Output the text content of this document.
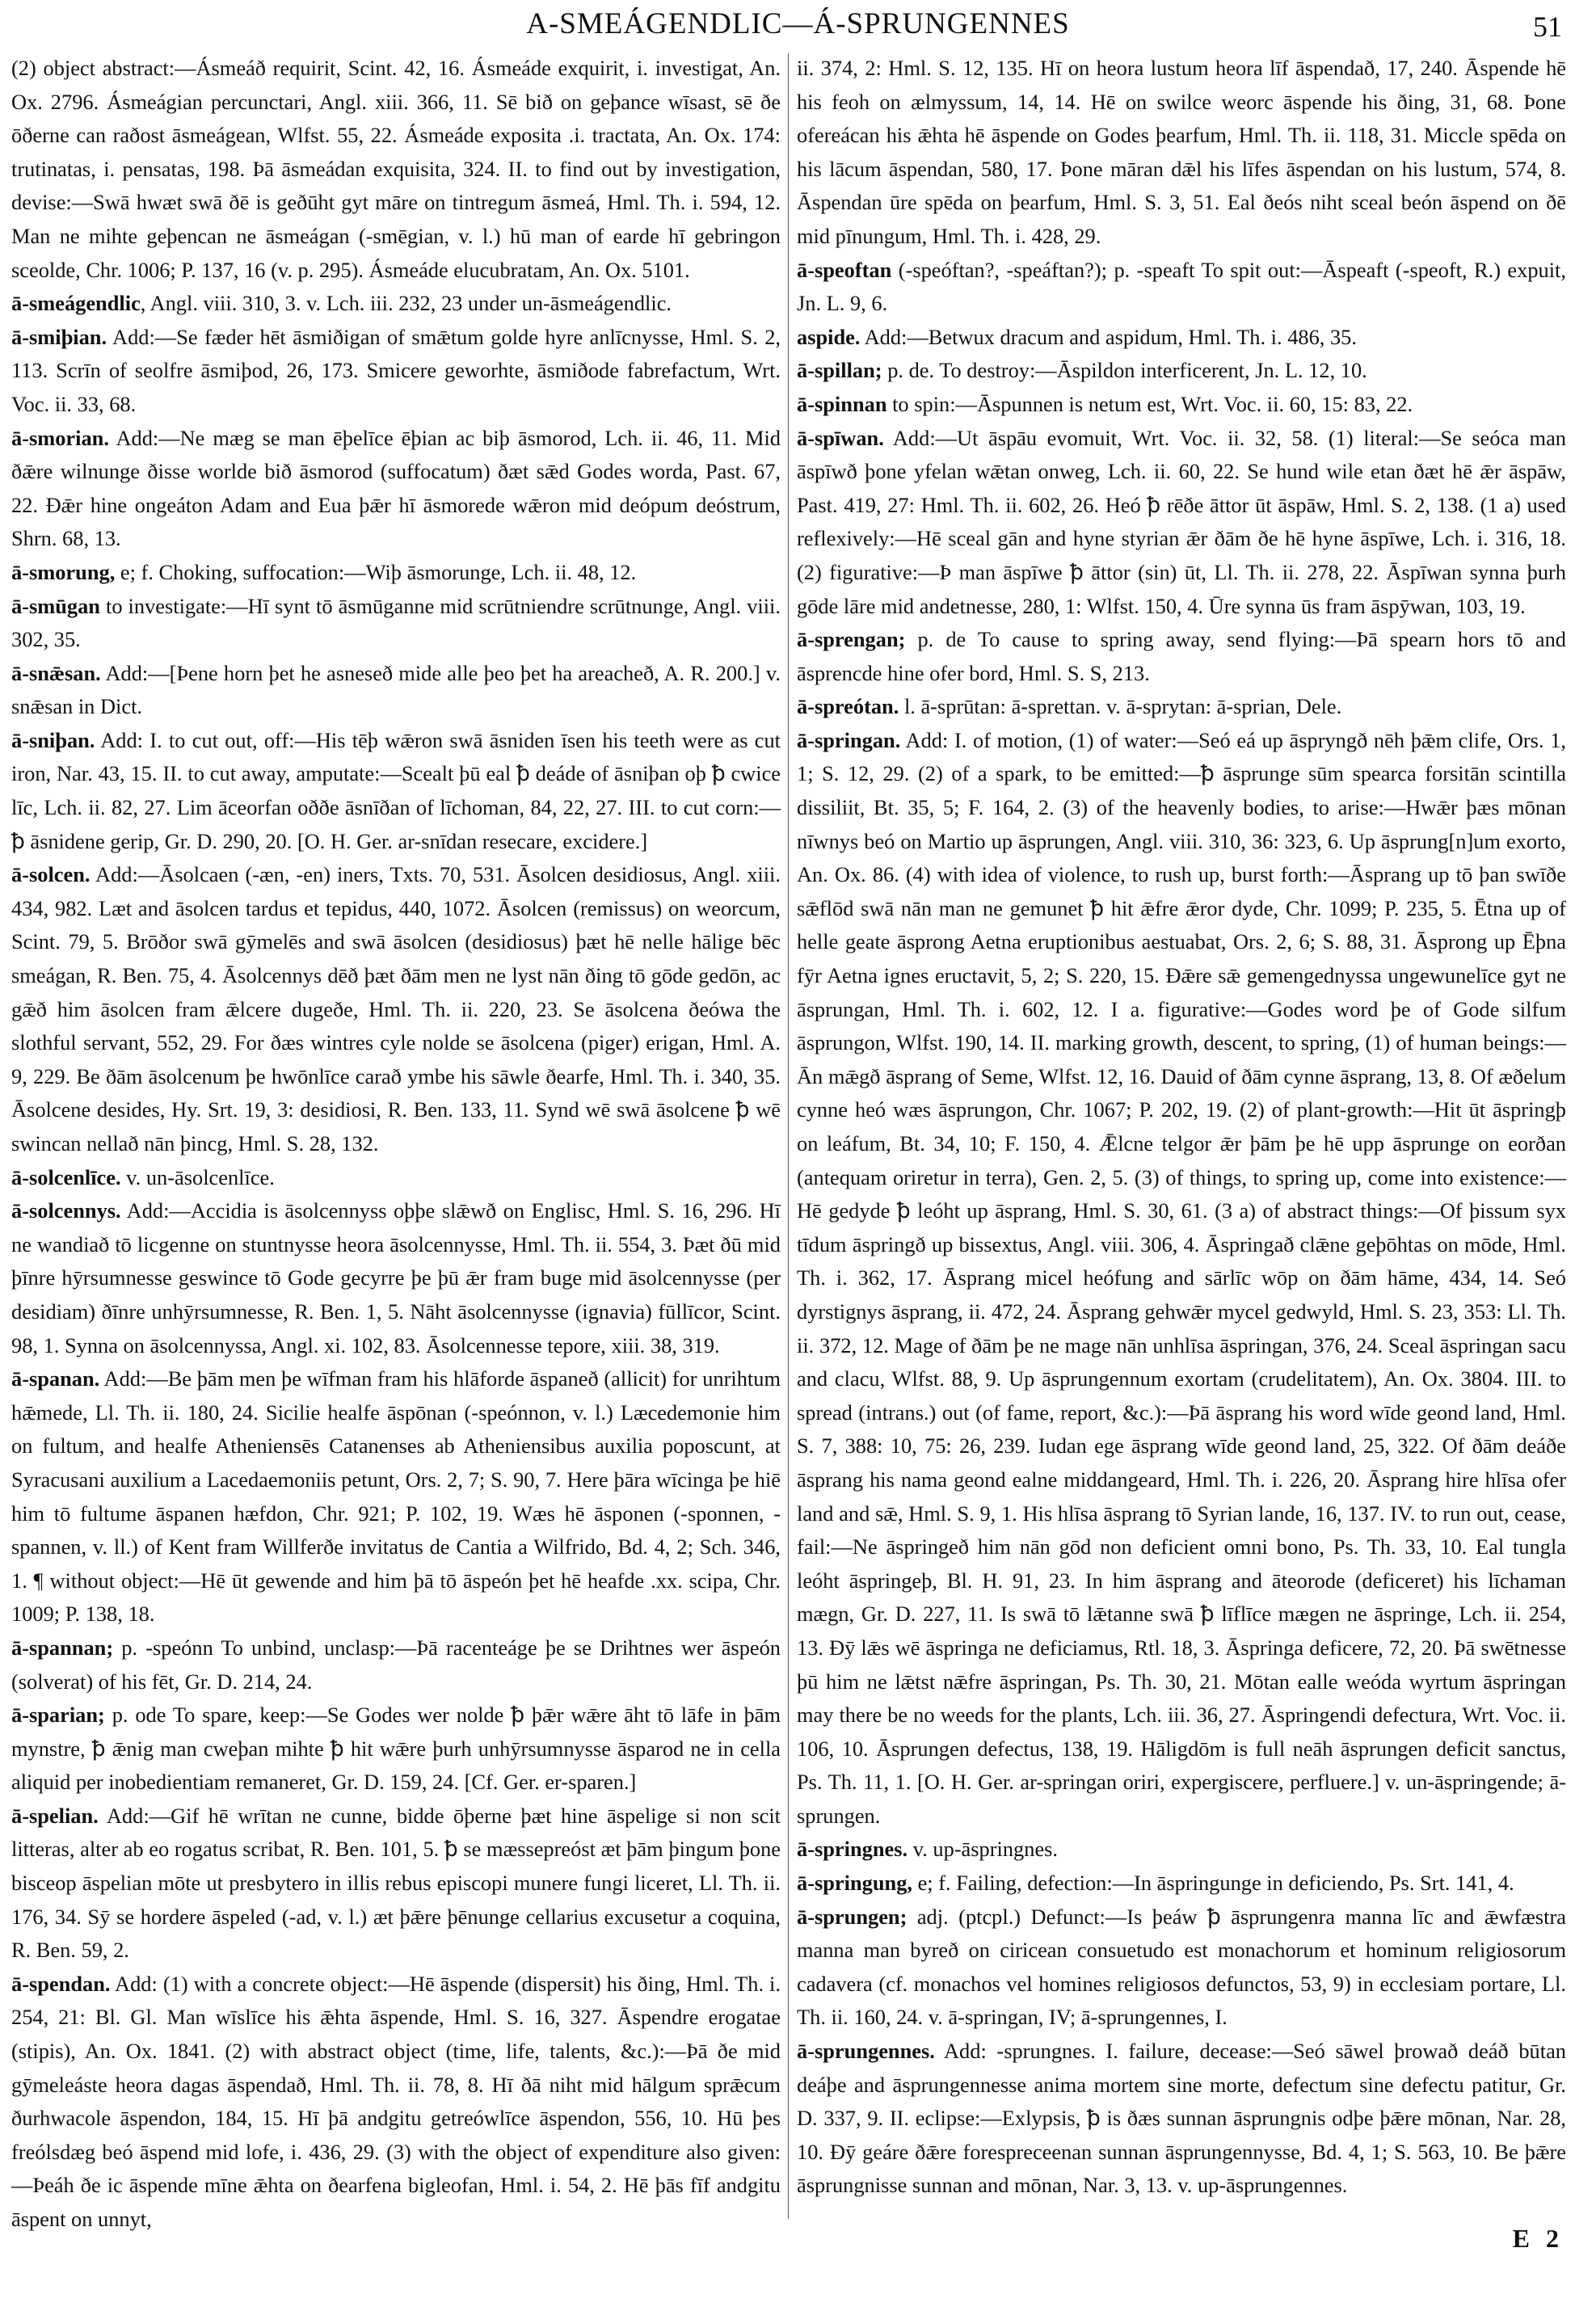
A-SMEÁGENDLIC—Á-SPRUNGENNES	51

(2) object abstract:—Ásmeáð requirit, Scint. 42, 16. Ásmeáde exquirit, i. investigat, An. Ox. 2796. Ásmeágian percunctari, Angl. xiii. 366, 11. Sē bið on geþance wīsast, sē ðe ōðerne can raðost āsmeágean, Wlfst. 55, 22. Ásmeáde exposita .i. tractata, An. Ox. 174: trutinatas, i. pensatas, 198. Þā āsmeádan exquisita, 324. II. to find out by investigation, devise:—Swā hwæt swā ðē is geðūht gyt māre on tintregum āsmeá, Hml. Th. i. 594, 12. Man ne mihte geþencan ne āsmeágan (-smēgian, v. l.) hū man of earde hī gebringon sceolde, Chr. 1006; P. 137, 16 (v. p. 295). Ásmeáde elucubratam, An. Ox. 5101.

ā-smeágendlic, Angl. viii. 310, 3. v. Lch. iii. 232, 23 under un-āsmeágendlic.

ā-smiþian. Add:—Se fæder hēt āsmiðigan of smǣtum golde hyre anlīcnysse, Hml. S. 2, 113. Scrīn of seolfre āsmiþod, 26, 173. Smicere geworhte, āsmiðode fabrefactum, Wrt. Voc. ii. 33, 68.

ā-smorian. Add:—Ne mæg se man ēþelīce ēþian ac biþ āsmorod, Lch. ii. 46, 11. Mid ðǣre wilnunge ðisse worlde bið āsmorod (suffocatum) ðæt sǣd Godes worda, Past. 67, 22. Ðǣr hine ongeáton Adam and Eua þǣr hī āsmorede wǣron mid deópum deóstrum, Shrn. 68, 13.

ā-smorung, e; f. Choking, suffocation:—Wiþ āsmorunge, Lch. ii. 48, 12.

ā-smūgan to investigate:—Hī synt tō āsmūganne mid scrūtniendre scrūtnunge, Angl. viii. 302, 35.

ā-snǣsan. Add:—[Þene horn þet he asneseð mide alle þeo þet ha areacheð, A. R. 200.] v. snǣsan in Dict.

ā-sniþan. Add: I. to cut out, off:—His tēþ wǣron swā āsniden īsen his teeth were as cut iron, Nar. 43, 15. II. to cut away, amputate:—Scealt þū eal ꝥ deáde of āsniþan oþ ꝥ cwice līc, Lch. ii. 82, 27. Lim āceorfan oððe āsnīðan of līchoman, 84, 22, 27. III. to cut corn:—ꝥ āsnidene gerip, Gr. D. 290, 20. [O. H. Ger. ar-snīdan resecare, excidere.]

ā-solcen. Add:—Āsolcaen (-æn, -en) iners, Txts. 70, 531. Āsolcen desidiosus, Angl. xiii. 434, 982. Læt and āsolcen tardus et tepidus, 440, 1072. Āsolcen (remissus) on weorcum, Scint. 79, 5. Brōðor swā gȳmelēs and swā āsolcen (desidiosus) þæt hē nelle hālige bēc smeágan, R. Ben. 75, 4. Āsolcennys dēð þæt ðām men ne lyst nān ðing tō gōde gedōn, ac gǣð him āsolcen fram ǣlcere dugeðe, Hml. Th. ii. 220, 23. Se āsolcena ðeówa the slothful servant, 552, 29. For ðæs wintres cyle nolde se āsolcena (piger) erigan, Hml. A. 9, 229. Be ðām āsolcenum þe hwōnlīce carað ymbe his sāwle ðearfe, Hml. Th. i. 340, 35. Āsolcene desides, Hy. Srt. 19, 3: desidiosi, R. Ben. 133, 11. Synd wē swā āsolcene ꝥ wē swincan nellað nān þincg, Hml. S. 28, 132.

ā-solcenlīce. v. un-āsolcenlīce.

ā-solcennys. Add:—Accidia is āsolcennyss oþþe slǣwð on Englisc, Hml. S. 16, 296. Hī ne wandiað tō licgenne on stuntnysse heora āsolcennysse, Hml. Th. ii. 554, 3. Þæt ðū mid þīnre hȳrsumnesse geswince tō Gode gecyrre þe þū ǣr fram buge mid āsolcennysse (per desidiam) ðīnre unhȳrsumnesse, R. Ben. 1, 5. Nāht āsolcennysse (ignavia) fūllīcor, Scint. 98, 1. Synna on āsolcennyssa, Angl. xi. 102, 83. Āsolcennesse tepore, xiii. 38, 319.

ā-spanan. Add:—Be þām men þe wīfman fram his hlāforde āspaneð (allicit) for unrihtum hǣmede, Ll. Th. ii. 180, 24. Sicilie healfe āspōnan (-speónnon, v. l.) Læcedemonie him on fultum, and healfe Atheniensēs Catanenses ab Atheniensibus auxilia poposcunt, at Syracusani auxilium a Lacedaemoniis petunt, Ors. 2, 7; S. 90, 7. Here þāra wīcinga þe hiē him tō fultume āspanen hæfdon, Chr. 921; P. 102, 19. Wæs hē āsponen (-sponnen, -spannen, v. ll.) of Kent fram Willferðe invitatus de Cantia a Wilfrido, Bd. 4, 2; Sch. 346, 1. ¶ without object:—Hē ūt gewende and him þā tō āspeón þet hē heafde .xx. scipa, Chr. 1009; P. 138, 18.

ā-spannan; p. -speónn To unbind, unclasp:—Þā racenteáge þe se Drihtnes wer āspeón (solverat) of his fēt, Gr. D. 214, 24.

ā-sparian; p. ode To spare, keep:—Se Godes wer nolde ꝥ þǣr wǣre āht tō lāfe in þām mynstre, ꝥ ǣnig man cweþan mihte ꝥ hit wǣre þurh unhȳrsumnysse āsparod ne in cella aliquid per inobedientiam remaneret, Gr. D. 159, 24. [Cf. Ger. er-sparen.]

ā-spelian. Add:—Gif hē wrītan ne cunne, bidde ōþerne þæt hine āspelige si non scit litteras, alter ab eo rogatus scribat, R. Ben. 101, 5. ꝥ se mæssepreóst æt þām þingum þone bisceop āspelian mōte ut presbytero in illis rebus episcopi munere fungi liceret, Ll. Th. ii. 176, 34. Sȳ se hordere āspeled (-ad, v. l.) æt þǣre þēnunge cellarius excusetur a coquina, R. Ben. 59, 2.

ā-spendan. Add: (1) with a concrete object:—Hē āspende (dispersit) his ðing, Hml. Th. i. 254, 21: Bl. Gl. Man wīslīce his ǣhta āspende, Hml. S. 16, 327. Āspendre erogatae (stipis), An. Ox. 1841. (2) with abstract object (time, life, talents, &c.):—Þā ðe mid gȳmeleáste heora dagas āspendað, Hml. Th. ii. 78, 8. Hī ðā niht mid hālgum sprǣcum ðurhwacole āspendon, 184, 15. Hī þā andgitu getreówlīce āspendon, 556, 10. Hū þes freólsdæg beó āspend mid lofe, i. 436, 29. (3) with the object of expenditure also given:—Þeáh ðe ic āspende mīne ǣhta on ðearfena bigleofan, Hml. i. 54, 2. Hē þās fīf andgitu āspent on unnyt,

ii. 374, 2: Hml. S. 12, 135. Hī on heora lustum heora līf āspendað, 17, 240. Āspende hē his feoh on ælmyssum, 14, 14. Hē on swilce weorc āspende his ðing, 31, 68. Þone ofereácan his ǣhta hē āspende on Godes þearfum, Hml. Th. ii. 118, 31. Miccle spēda on his lācum āspendan, 580, 17. Þone māran dǣl his līfes āspendan on his lustum, 574, 8. Āspendan ūre spēda on þearfum, Hml. S. 3, 51. Eal ðeós niht sceal beón āspend on ðē mid pīnungum, Hml. Th. i. 428, 29.

ā-speoftan (-speóftan?, -speáftan?); p. -speaft To spit out:—Āspeaft (-speoft, R.) expuit, Jn. L. 9, 6.

aspide. Add:—Betwux dracum and aspidum, Hml. Th. i. 486, 35.

ā-spillan; p. de. To destroy:—Āspildon interficerent, Jn. L. 12, 10.

ā-spinnan to spin:—Āspunnen is netum est, Wrt. Voc. ii. 60, 15: 83, 22.

ā-spīwan. Add:—Ut āspāu evomuit, Wrt. Voc. ii. 32, 58. (1) literal:—Se seóca man āspīwð þone yfelan wǣtan onweg, Lch. ii. 60, 22. Se hund wile etan ðæt hē ǣr āspāw, Past. 419, 27: Hml. Th. ii. 602, 26. Heó ꝥ rēðe āttor ūt āspāw, Hml. S. 2, 138. (1 a) used reflexively:—Hē sceal gān and hyne styrian ǣr ðām ðe hē hyne āspīwe, Lch. i. 316, 18. (2) figurative:—Þ man āspīwe ꝥ āttor (sin) ūt, Ll. Th. ii. 278, 22. Āspīwan synna þurh gōde lāre mid andetnesse, 280, 1: Wlfst. 150, 4. Ūre synna ūs fram āspȳwan, 103, 19.

ā-sprengan; p. de To cause to spring away, send flying:—Þā spearn hors tō and āsprencde hine ofer bord, Hml. S. S, 213.

ā-spreótan. l. ā-sprūtan: ā-sprettan. v. ā-sprytan: ā-sprian, Dele.

ā-springan. Add: I. of motion, (1) of water:—Seó eá up āspryngð nēh þǣm clife, Ors. 1, 1; S. 12, 29. (2) of a spark, to be emitted:—ꝥ āsprunge sūm spearca forsitān scintilla dissiliit, Bt. 35, 5; F. 164, 2. (3) of the heavenly bodies, to arise:—Hwǣr þæs mōnan nīwnys beó on Martio up āsprungen, Angl. viii. 310, 36: 323, 6. Up āsprung[n]um exorto, An. Ox. 86. (4) with idea of violence, to rush up, burst forth:—Āsprang up tō þan swīðe sǣflōd swā nān man ne gemunet ꝥ hit ǣfre ǣror dyde, Chr. 1099; P. 235, 5. Ētna up of helle geate āsprong Aetna eruptionibus aestuabat, Ors. 2, 6; S. 88, 31. Āsprong up Ēþna fȳr Aetna ignes eructavit, 5, 2; S. 220, 15. Ðǣre sǣ gemengednyssa ungewunelīce gyt ne āsprungan, Hml. Th. i. 602, 12. I a. figurative:—Godes word þe of Gode silfum āsprungon, Wlfst. 190, 14. II. marking growth, descent, to spring, (1) of human beings:—Ān mǣgð āsprang of Seme, Wlfst. 12, 16. Dauid of ðām cynne āsprang, 13, 8. Of æðelum cynne heó wæs āsprungon, Chr. 1067; P. 202, 19. (2) of plant-growth:—Hit ūt āspringþ on leáfum, Bt. 34, 10; F. 150, 4. Ǣlcne telgor ǣr þām þe hē upp āsprunge on eorðan (antequam oriretur in terra), Gen. 2, 5. (3) of things, to spring up, come into existence:—Hē gedyde ꝥ leóht up āsprang, Hml. S. 30, 61. (3 a) of abstract things:—Of þissum syx tīdum āspringð up bissextus, Angl. viii. 306, 4. Āspringað clǣne geþōhtas on mōde, Hml. Th. i. 362, 17. Āsprang micel heófung and sārlīc wōp on ðām hāme, 434, 14. Seó dyrstignys āsprang, ii. 472, 24. Āsprang gehwǣr mycel gedwyld, Hml. S. 23, 353: Ll. Th. ii. 372, 12. Mage of ðām þe ne mage nān unhlīsa āspringan, 376, 24. Sceal āspringan sacu and clacu, Wlfst. 88, 9. Up āsprungennum exortam (crudelitatem), An. Ox. 3804. III. to spread (intrans.) out (of fame, report, &c.):—Þā āsprang his word wīde geond land, Hml. S. 7, 388: 10, 75: 26, 239. Iudan ege āsprang wīde geond land, 25, 322. Of ðām deáðe āsprang his nama geond ealne middangeard, Hml. Th. i. 226, 20. Āsprang hire hlīsa ofer land and sǣ, Hml. S. 9, 1. His hlīsa āsprang tō Syrian lande, 16, 137. IV. to run out, cease, fail:—Ne āspringeð him nān gōd non deficient omni bono, Ps. Th. 33, 10. Eal tungla leóht āspringeþ, Bl. H. 91, 23. In him āsprang and āteorode (deficeret) his līchaman mægn, Gr. D. 227, 11. Is swā tō lǣtanne swā ꝥ līflīce mægen ne āspringe, Lch. ii. 254, 13. Ðȳ lǣs wē āspringa ne deficiamus, Rtl. 18, 3. Āspringa deficere, 72, 20. Þā swētnesse þū him ne lǣtst nǣfre āspringan, Ps. Th. 30, 21. Mōtan ealle weóda wyrtum āspringan may there be no weeds for the plants, Lch. iii. 36, 27. Āspringendi defectura, Wrt. Voc. ii. 106, 10. Āsprungen defectus, 138, 19. Hāligdōm is full neāh āsprungen deficit sanctus, Ps. Th. 11, 1. [O. H. Ger. ar-springan oriri, expergiscere, perfluere.] v. un-āspringende; ā-sprungen.

ā-springnes. v. up-āspringnes.

ā-springung, e; f. Failing, defection:—In āspringunge in deficiendo, Ps. Srt. 141, 4.

ā-sprungen; adj. (ptcpl.) Defunct:—Is þeáw ꝥ āsprungenra manna līc and ǣwfæstra manna man byreð on ciricean consuetudo est monachorum et hominum religiosorum cadavera (cf. monachos vel homines religiosos defunctos, 53, 9) in ecclesiam portare, Ll. Th. ii. 160, 24. v. ā-springan, IV; ā-sprungennes, I.

ā-sprungennes. Add: -sprungnes. I. failure, decease:—Seó sāwel þrowað deáð būtan deáþe and āsprungennesse anima mortem sine morte, defectum sine defectu patitur, Gr. D. 337, 9. II. eclipse:—Exlypsis, ꝥ is ðæs sunnan āsprungnis odþe þǣre mōnan, Nar. 28, 10. Ðȳ geáre ðǣre forespreceenan sunnan āsprungennysse, Bd. 4, 1; S. 563, 10. Be þǣre āsprungnisse sunnan and mōnan, Nar. 3, 13. v. up-āsprungennes.

E 2
